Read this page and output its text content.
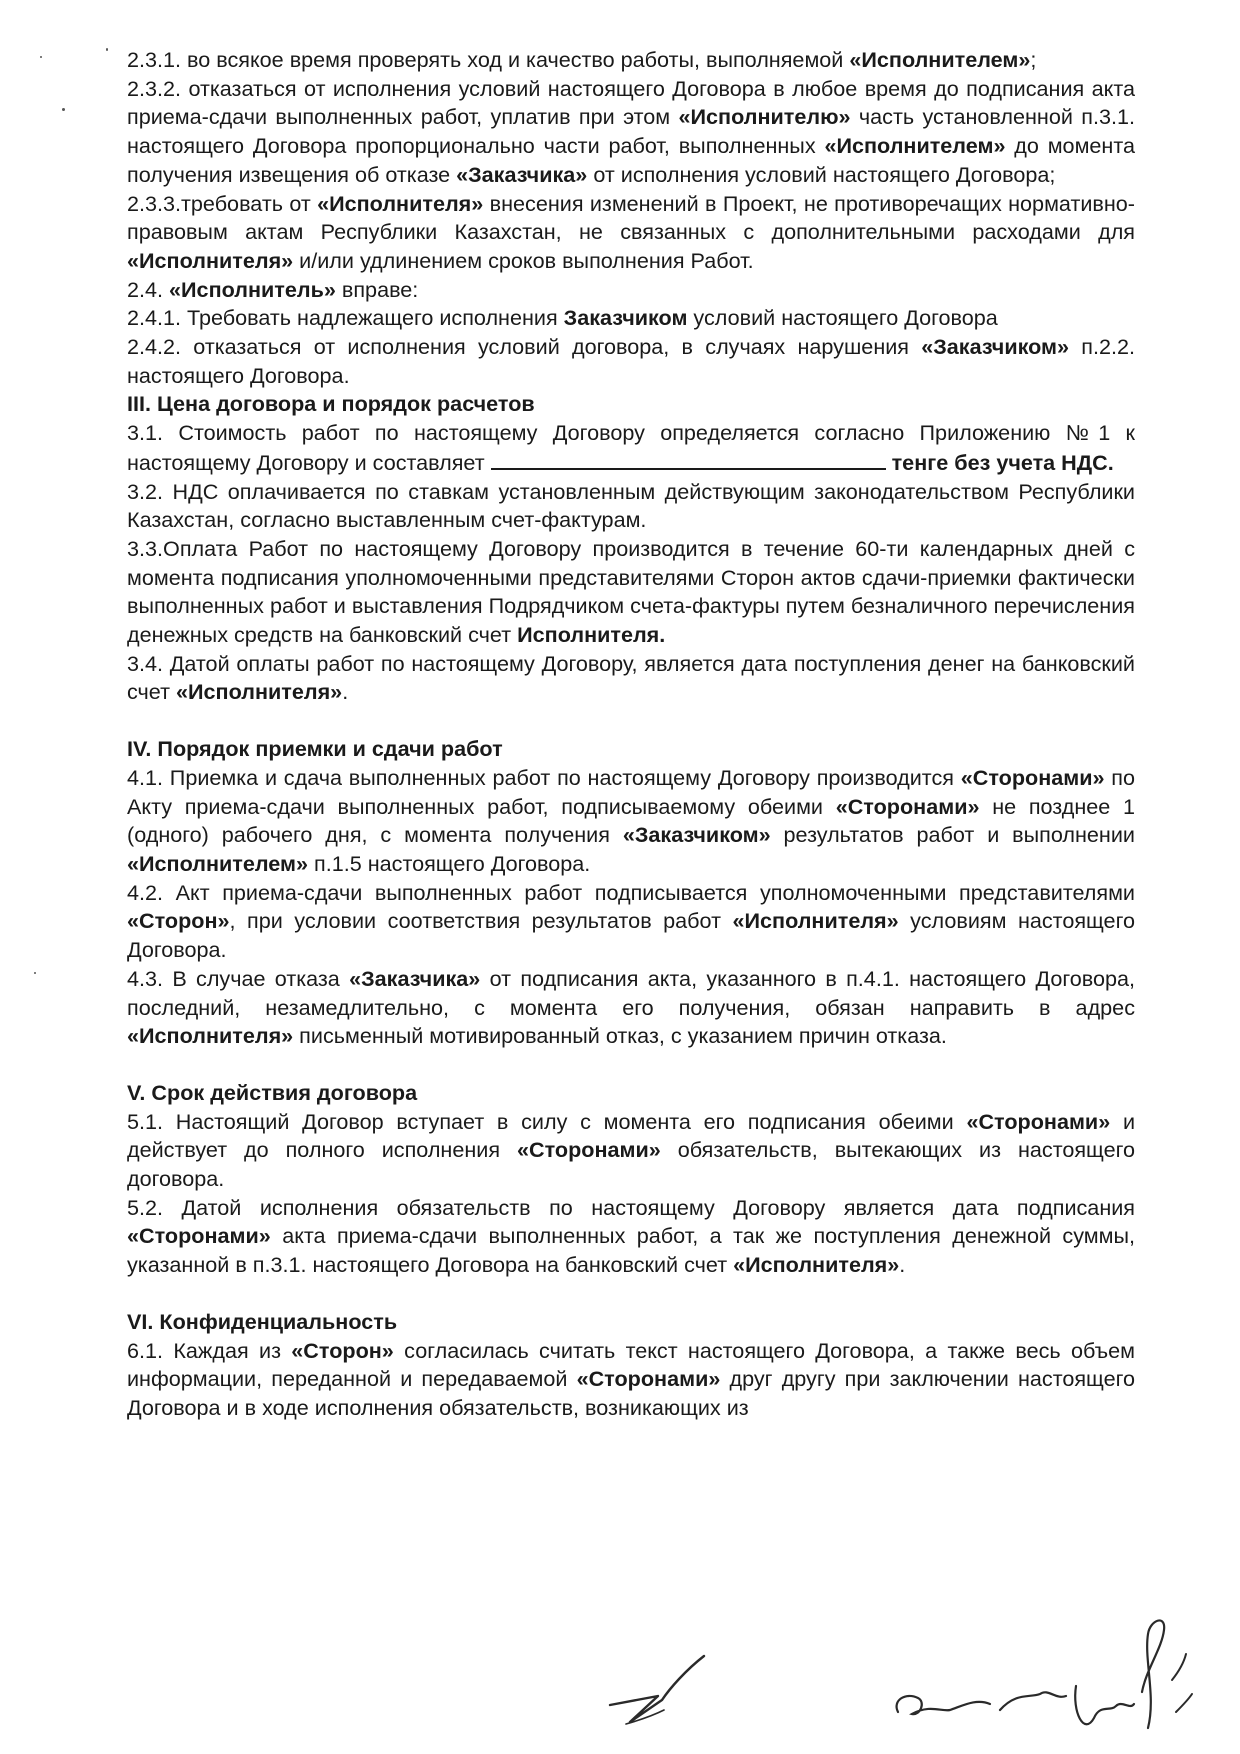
2.3.1. во всякое время проверять ход и качество работы, выполняемой «Исполнителем»;

2.3.2. отказаться от исполнения условий настоящего Договора в любое время до подписания акта приема-сдачи выполненных работ, уплатив при этом «Исполнителю» часть установленной п.3.1. настоящего Договора пропорционально части работ, выполненных «Исполнителем» до момента получения извещения об отказе «Заказчика» от исполнения условий настоящего Договора;

2.3.3.требовать от «Исполнителя» внесения изменений в Проект, не противоречащих нормативно-правовым актам Республики Казахстан, не связанных с дополнительными расходами для «Исполнителя» и/или удлинением сроков выполнения Работ.

2.4. «Исполнитель» вправе:

2.4.1. Требовать надлежащего исполнения Заказчиком условий настоящего Договора

2.4.2. отказаться от исполнения условий договора, в случаях нарушения «Заказчиком» п.2.2. настоящего Договора.

III. Цена договора и порядок расчетов

3.1. Стоимость работ по настоящему Договору определяется согласно Приложению №1 к настоящему Договору и составляет	тенге без учета НДС.

3.2. НДС оплачивается по ставкам установленным действующим законодательством Республики Казахстан, согласно выставленным счет-фактурам.

3.3.Оплата Работ по настоящему Договору производится в течение 60-ти календарных дней с момента подписания уполномоченными представителями Сторон актов сдачи-приемки фактически выполненных работ и выставления Подрядчиком счета-фактуры путем безналичного перечисления денежных средств на банковский счет Исполнителя.

3.4. Датой оплаты работ по настоящему Договору, является дата поступления денег на банковский счет «Исполнителя».

IV. Порядок приемки и сдачи работ

4.1. Приемка и сдача выполненных работ по настоящему Договору производится «Сторонами» по Акту приема-сдачи выполненных работ, подписываемому обеими «Сторонами» не позднее 1 (одного) рабочего дня, с момента получения «Заказчиком» результатов работ и выполнении «Исполнителем» п.1.5 настоящего Договора.

4.2. Акт приема-сдачи выполненных работ подписывается уполномоченными представителями «Сторон», при условии соответствия результатов работ «Исполнителя» условиям настоящего Договора.

4.3. В случае отказа «Заказчика» от подписания акта, указанного в п.4.1. настоящего Договора, последний, незамедлительно, с момента его получения, обязан направить в адрес «Исполнителя» письменный мотивированный отказ, с указанием причин отказа.

V. Срок действия договора

5.1. Настоящий Договор вступает в силу с момента его подписания обеими «Сторонами» и действует до полного исполнения «Сторонами» обязательств, вытекающих из настоящего договора.

5.2. Датой исполнения обязательств по настоящему Договору является дата подписания «Сторонами» акта приема-сдачи выполненных работ, а так же поступления денежной суммы, указанной в п.3.1. настоящего Договора на банковский счет «Исполнителя».

VI. Конфиденциальность

6.1. Каждая из «Сторон» согласилась считать текст настоящего Договора, а также весь объем информации, переданной и передаваемой «Сторонами» друг другу при заключении настоящего Договора и в ходе исполнения обязательств, возникающих из
